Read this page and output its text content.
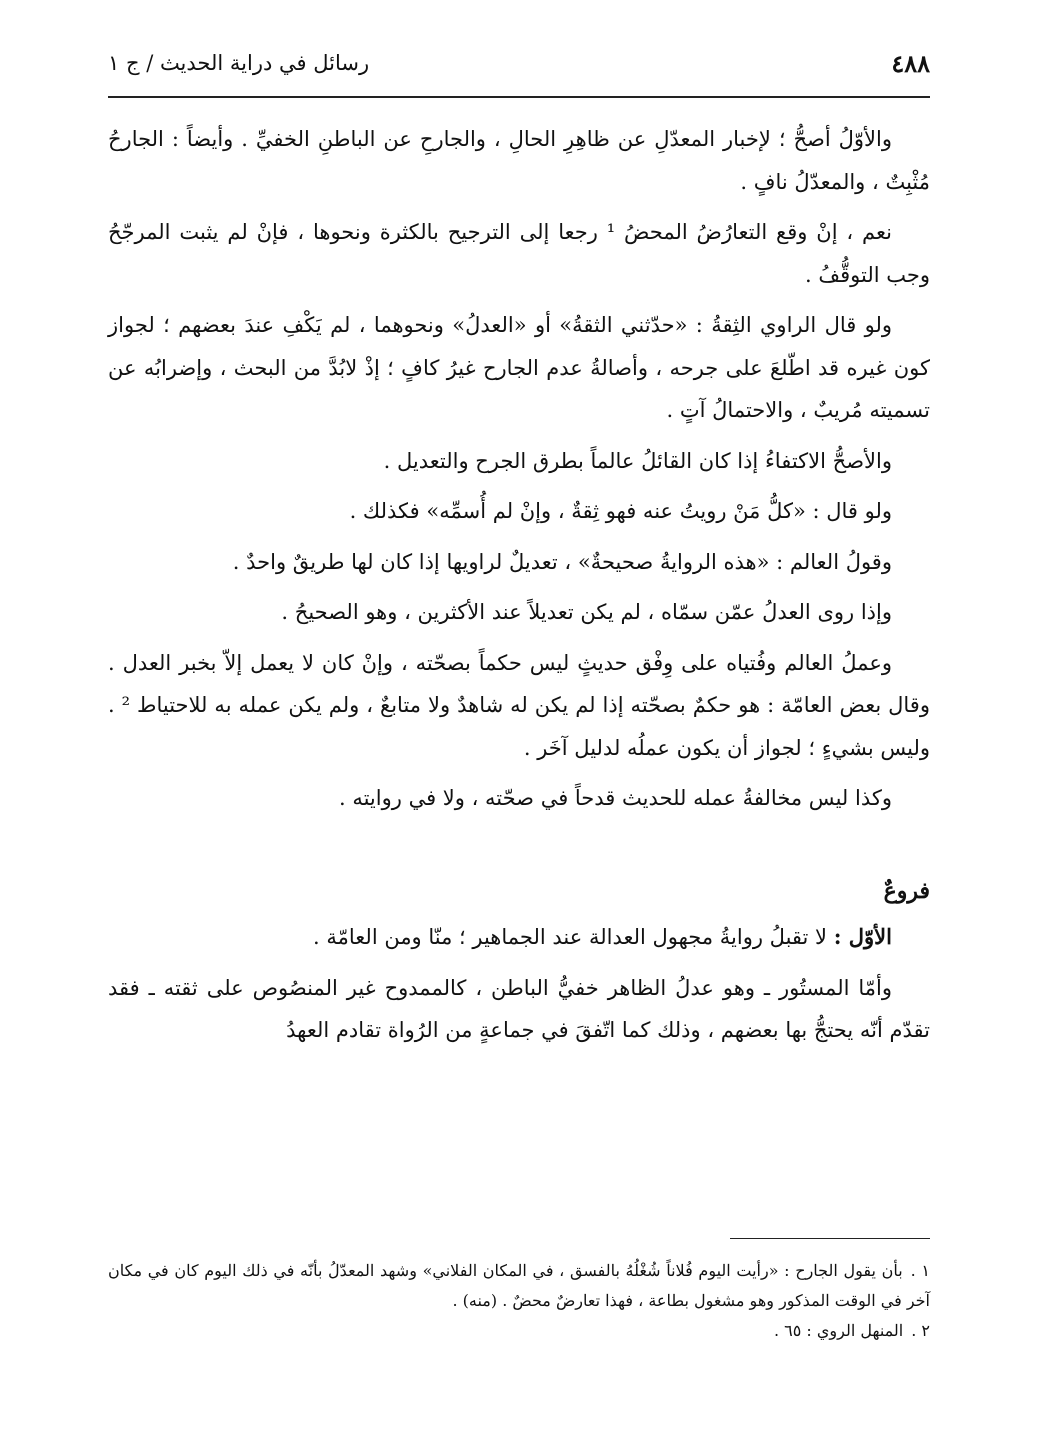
٤٨٨
رسائل في دراية الحديث / ج ١

والأوّلُ أصحُّ ؛ لإخبار المعدّلِ عن ظاهِرِ الحالِ ، والجارحِ عن الباطنِ الخفيِّ . وأيضاً : الجارحُ مُثْبِتٌ ، والمعدّلُ نافٍ .

نعم ، إنْ وقع التعارُضُ المحضُ ¹ رجعا إلى الترجيح بالكثرة ونحوها ، فإنْ لم يثبت المرجّحُ وجب التوقُّفُ .

ولو قال الراوي الثِقةُ : «حدّثني الثقةُ» أو «العدلُ» ونحوهما ، لم يَكْفِ عندَ بعضهم ؛ لجواز كون غيره قد اطّلعَ على جرحه ، وأصالةُ عدم الجارح غيرُ كافٍ ؛ إذْ لابُدَّ من البحث ، وإضرابُه عن تسميته مُريبٌ ، والاحتمالُ آتٍ .

والأصحُّ الاكتفاءُ إذا كان القائلُ عالماً بطرق الجرح والتعديل .

ولو قال : «كلُّ مَنْ رويتُ عنه فهو ثِقةٌ ، وإنْ لم أُسمِّه» فكذلك .

وقولُ العالم : «هذه الروايةُ صحيحةٌ» ، تعديلٌ لراويها إذا كان لها طريقٌ واحدٌ .

وإذا روى العدلُ عمّن سمّاه ، لم يكن تعديلاً عند الأكثرين ، وهو الصحيحُ .

وعملُ العالم وفُتياه على وِفْق حديثٍ ليس حكماً بصحّته ، وإنْ كان لا يعمل إلاّ بخبر العدل . وقال بعض العامّة : هو حكمٌ بصحّته إذا لم يكن له شاهدٌ ولا متابعٌ ، ولم يكن عمله به للاحتياط ² . وليس بشيءٍ ؛ لجواز أن يكون عملُه لدليل آخَر .

وكذا ليس مخالفةُ عمله للحديث قدحاً في صحّته ، ولا في روايته .

فروعٌ

الأوّل : لا تقبلُ روايةُ مجهول العدالة عند الجماهير ؛ منّا ومن العامّة .

وأمّا المستُور ـ وهو عدلُ الظاهر خفيُّ الباطن ، كالممدوح غير المنصُوص على ثقته ـ فقد تقدّم أنّه يحتجُّ بها بعضهم ، وذلك كما اتّفقَ في جماعةٍ من الرُواة تقادم العهدُ

١ .بأن يقول الجارح : «رأيت اليوم فُلاناً شُغْلُهُ بالفسق ، في المكان الفلاني» وشهد المعدّلُ بأنّه في ذلك اليوم كان في مكان آخر في الوقت المذكور وهو مشغول بطاعة ، فهذا تعارضٌ محضٌ . (منه) .

٢ .المنهل الروي : ٦٥ .
